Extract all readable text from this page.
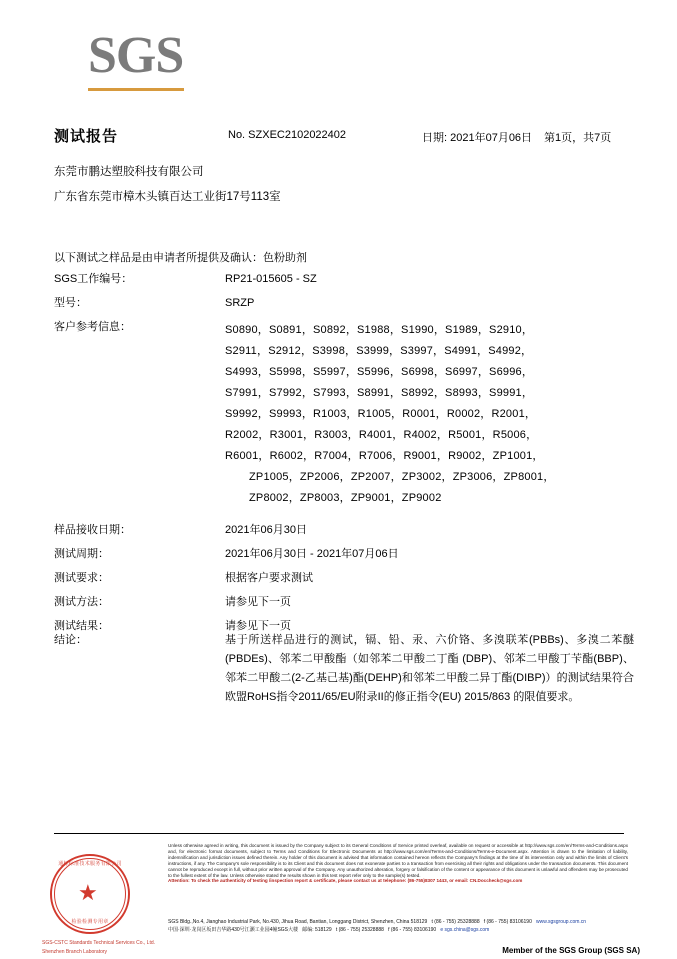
SGS
测试报告	No. SZXEC2102022402	日期: 2021年07月06日 第1页，共7页
东莞市鹏达塑胶科技有限公司
广东省东莞市樟木头镇百达工业街17号113室
以下测试之样品是由申请者所提供及确认：色粉助剂
SGS工作编号：	RP21-015605 - SZ
型号：	SRZP
客户参考信息：	S0890，S0891，S0892，S1988，S1990，S1989，S2910，
S2911，S2912，S3998，S3999，S3997，S4991，S4992，
S4993，S5998，S5997，S5996，S6998，S6997，S6996，
S7991，S7992，S7993，S8991，S8992，S8993，S9991，
S9992，S9993，R1003，R1005，R0001，R0002，R2001，
R2002，R3001，R3003，R4001，R4002，R5001，R5006，
R6001，R6002，R7004，R7006，R9001，R9002，ZP1001，
ZP1005，ZP2006，ZP2007，ZP3002，ZP3006，ZP8001，
ZP8002，ZP8003，ZP9001，ZP9002
样品接收日期：	2021年06月30日
测试周期：	2021年06月30日 - 2021年07月06日
测试要求：	根据客户要求测试
测试方法：	请参见下一页
测试结果：	请参见下一页
结论：	基于所送样品进行的测试，镉、铅、汞、六价铬、多溴联苯(PBBs)、多溴二苯醚(PBDEs)、邻苯二甲酸酯（如邻苯二甲酸二丁酯 (DBP)、邻苯二甲酸丁苄酯(BBP)、邻苯二甲酸二(2-乙基己基)酯(DEHP)和邻苯二甲酸二异丁酯(DIBP)）的测试结果符合欧盟RoHS指令2011/65/EU附录II的修正指令(EU) 2015/863 的限值要求。
通标标准技术服务有限公司
★
检验检测专用章
SGS-CSTC Standards Technical Services Co., Ltd.
Shenzhen Branch Laboratory
Unless otherwise agreed in writing, this document is issued by the Company subject to its General Conditions of Service printed overleaf, available on request or accessible at http://www.sgs.com/en/Terms-and-Conditions.aspx and, for electronic format documents, subject to Terms and Conditions for Electronic Documents at http://www.sgs.com/en/Terms-and-Conditions/Terms-e-Document.aspx. Attention is drawn to the limitation of liability, indemnification and jurisdiction issues defined therein. Any holder of this document is advised that information contained hereon reflects the Company's findings at the time of its intervention only and within the limits of Client's instructions, if any. The Company's sole responsibility is to its Client and this document does not exonerate parties to a transaction from exercising all their rights and obligations under the transaction documents. This document cannot be reproduced except in full, without prior written approval of the Company. Any unauthorized alteration, forgery or falsification of the content or appearance of this document is unlawful and offenders may be prosecuted to the fullest extent of the law. Unless otherwise stated the results shown in this test report refer only to the sample(s) tested.
Attention: To check the authenticity of testing /inspection report & certificate, please contact us at telephone: (86-755)8307 1443, or email: CN.Doccheck@sgs.com
SGS Bldg.,No.4, Jianghao Industrial Park, No.430, Jihua Road, Bantian, Longgang District, Shenzhen, China 518129 t (86 - 755) 25328888 f (86 - 755) 83106190 www.sgsgroup.com.cn
中国·深圳·龙岗区坂田吉华路430号江灏工业园4幢SGS大楼 邮编: 518129 t (86 - 755) 25328888 f (86 - 755) 83106190 e sgs.china@sgs.com
Member of the SGS Group (SGS SA)
